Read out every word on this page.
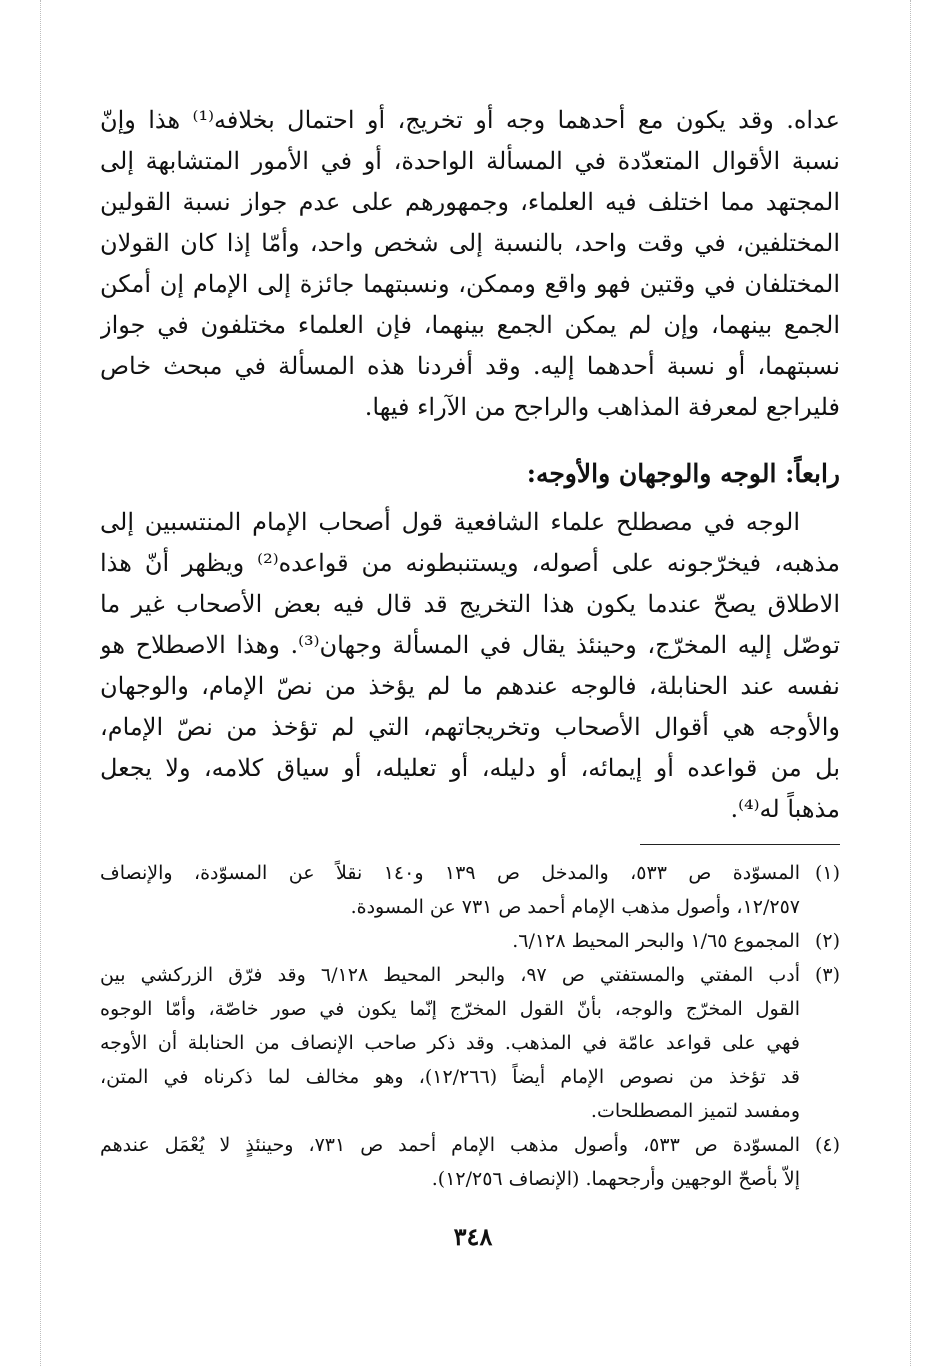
عداه. وقد يكون مع أحدهما وجه أو تخريج، أو احتمال بخلافه⁽¹⁾ هذا وإنّ
نسبة الأقوال المتعدّدة في المسألة الواحدة، أو في الأمور المتشابهة إلى
المجتهد مما اختلف فيه العلماء، وجمهورهم على عدم جواز نسبة القولين
المختلفين، في وقت واحد، بالنسبة إلى شخص واحد، وأمّا إذا كان القولان
المختلفان في وقتين فهو واقع وممكن، ونسبتهما جائزة إلى الإمام إن أمكن
الجمع بينهما، وإن لم يمكن الجمع بينهما، فإن العلماء مختلفون في جواز
نسبتهما، أو نسبة أحدهما إليه. وقد أفردنا هذه المسألة في مبحث خاص
فليراجع لمعرفة المذاهب والراجح من الآراء فيها.
رابعاً: الوجه والوجهان والأوجه:
الوجه في مصطلح علماء الشافعية قول أصحاب الإمام المنتسبين إلى
مذهبه، فيخرّجونه على أصوله، ويستنبطونه من قواعده⁽²⁾ ويظهر أنّ هذا
الاطلاق يصحّ عندما يكون هذا التخريج قد قال فيه بعض الأصحاب غير ما
توصّل إليه المخرّج، وحينئذ يقال في المسألة وجهان⁽³⁾. وهذا الاصطلاح هو
نفسه عند الحنابلة، فالوجه عندهم ما لم يؤخذ من نصّ الإمام، والوجهان
والأوجه هي أقوال الأصحاب وتخريجاتهم، التي لم تؤخذ من نصّ الإمام،
بل من قواعده أو إيمائه، أو دليله، أو تعليله، أو سياق كلامه، ولا يجعل
مذهباً له⁽⁴⁾.
(١)المسوّدة ص ٥٣٣، والمدخل ص ١٣٩ و١٤٠ نقلاً عن المسوّدة، والإنصاف
١٢/٢٥٧، وأصول مذهب الإمام أحمد ص ٧٣١ عن المسودة.
(٢)المجموع ١/٦٥ والبحر المحيط ٦/١٢٨.
(٣)أدب المفتي والمستفتي ص ٩٧، والبحر المحيط ٦/١٢٨ وقد فرّق الزركشي بين
القول المخرّج والوجه، بأنّ القول المخرّج إنّما يكون في صور خاصّة، وأمّا الوجوه
فهي على قواعد عامّة في المذهب. وقد ذكر صاحب الإنصاف من الحنابلة أن الأوجه
قد تؤخذ من نصوص الإمام أيضاً (١٢/٢٦٦)، وهو مخالف لما ذكرناه في المتن،
ومفسد لتميز المصطلحات.
(٤)المسوّدة ص ٥٣٣، وأصول مذهب الإمام أحمد ص ٧٣١، وحينئذٍ لا يُعْمَل عندهم
إلاّ بأصحّ الوجهين وأرجحهما. (الإنصاف ١٢/٢٥٦).
٣٤٨
